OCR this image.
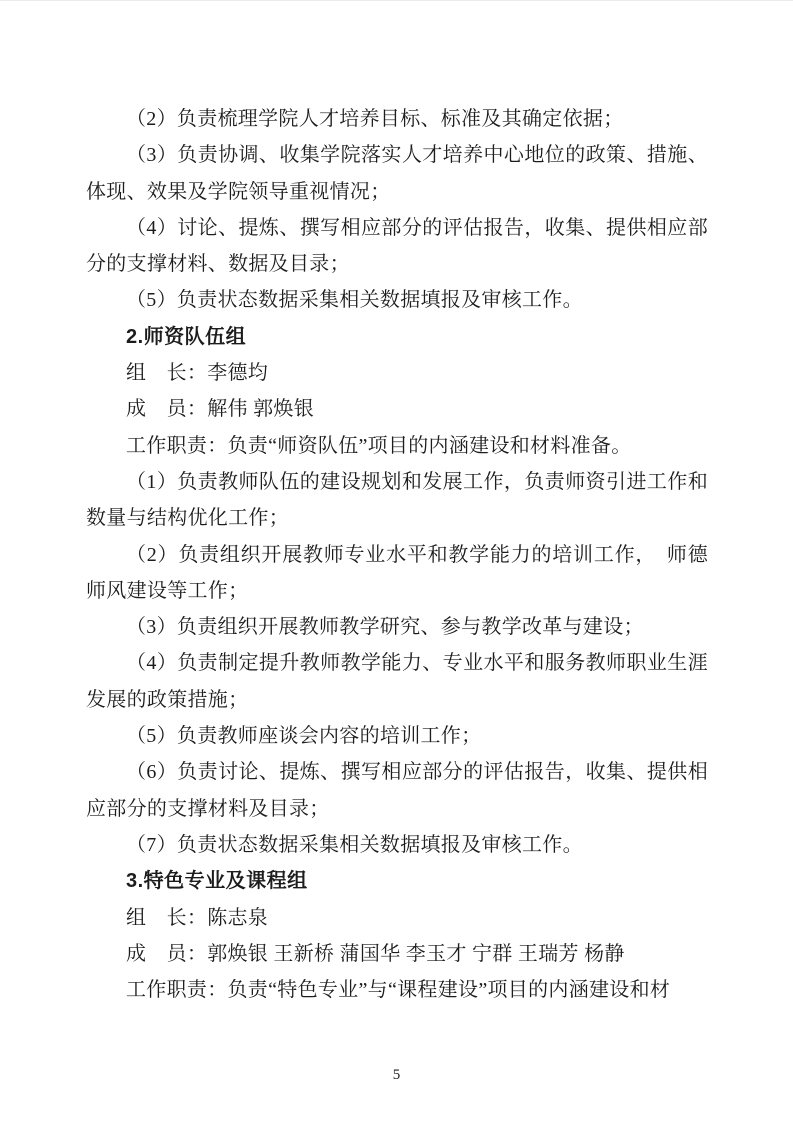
（2）负责梳理学院人才培养目标、标准及其确定依据；

（3）负责协调、收集学院落实人才培养中心地位的政策、措施、体现、效果及学院领导重视情况；

（4）讨论、提炼、撰写相应部分的评估报告，收集、提供相应部分的支撑材料、数据及目录；

（5）负责状态数据采集相关数据填报及审核工作。

2.师资队伍组

组　长：李德均

成　员：解伟 郭焕银

工作职责：负责“师资队伍”项目的内涵建设和材料准备。

（1）负责教师队伍的建设规划和发展工作，负责师资引进工作和数量与结构优化工作；

（2）负责组织开展教师专业水平和教学能力的培训工作，　师德师风建设等工作；

（3）负责组织开展教师教学研究、参与教学改革与建设；

（4）负责制定提升教师教学能力、专业水平和服务教师职业生涯发展的政策措施；

（5）负责教师座谈会内容的培训工作；

（6）负责讨论、提炼、撰写相应部分的评估报告，收集、提供相应部分的支撑材料及目录；

（7）负责状态数据采集相关数据填报及审核工作。

3.特色专业及课程组

组　长：陈志泉

成　员：郭焕银 王新桥 蒲国华 李玉才 宁群 王瑞芳 杨静

工作职责：负责“特色专业”与“课程建设”项目的内涵建设和材

5
